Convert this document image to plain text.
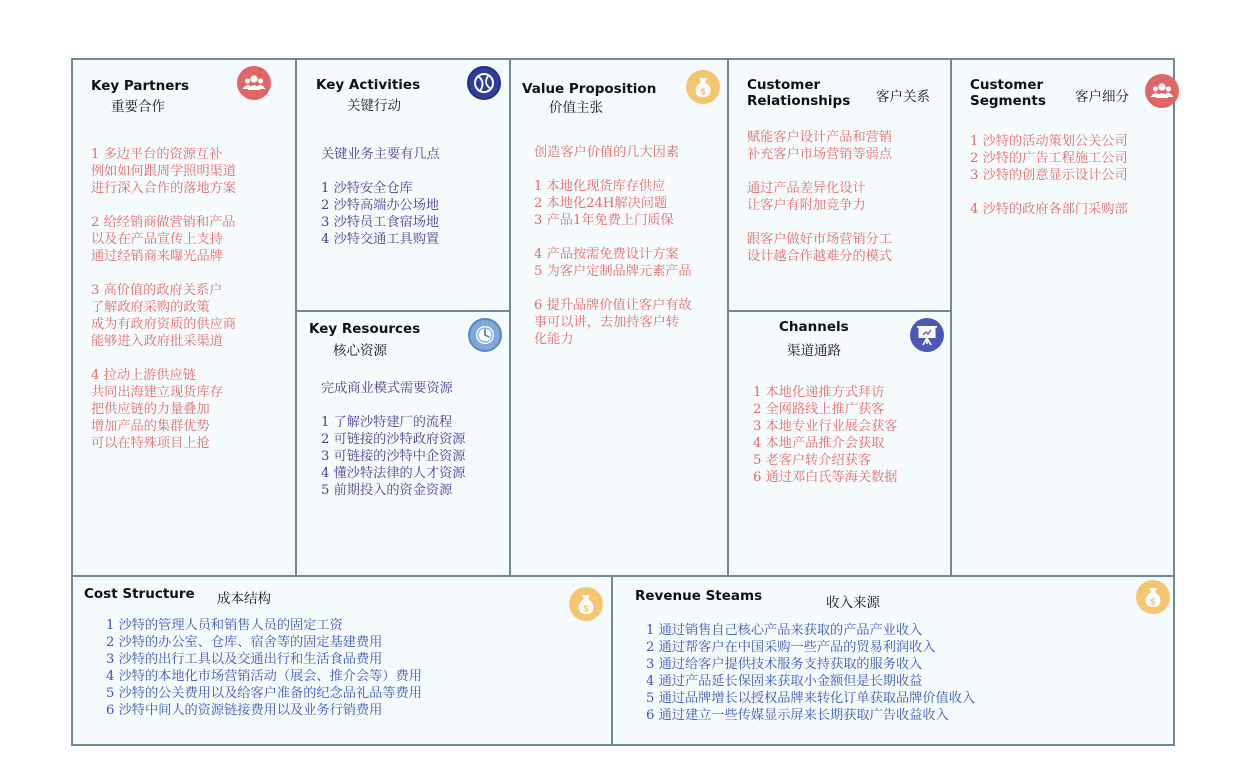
Key Partners
重要合作
1 多边平台的资源互补
例如如何跟周学照明渠道
进行深入合作的落地方案

2 给经销商做营销和产品
以及在产品宣传上支持
通过经销商来曝光品牌

3 高价值的政府关系户
了解政府采购的政策
成为有政府资质的供应商
能够进入政府批采渠道

4 拉动上游供应链
共同出海建立现货库存
把供应链的力量叠加
增加产品的集群优势
可以在特殊项目上抢
Key Activities
关键行动
关键业务主要有几点

1 沙特安全仓库
2 沙特高端办公场地
3 沙特员工食宿场地
4 沙特交通工具购置
Key Resources
核心资源
完成商业模式需要资源

1 了解沙特建厂的流程
2 可链接的沙特政府资源
3 可链接的沙特中企资源
4 懂沙特法律的人才资源
5 前期投入的资金资源
Value Proposition
价值主张
$
创造客户价值的几大因素

1 本地化现货库存供应
2 本地化24H解决问题
3 产品1年免费上门质保

4 产品按需免费设计方案
5 为客户定制品牌元素产品

6 提升品牌价值让客户有故
事可以讲，去加持客户转
化能力
Customer
Relationships 客户关系
赋能客户设计产品和营销
补充客户市场营销等弱点

通过产品差异化设计
让客户有附加竞争力

跟客户做好市场营销分工
设计越合作越难分的模式
Channels
渠道通路
1 本地化递推方式拜访
2 全网路线上推广获客
3 本地专业行业展会获客
4 本地产品推介会获取
5 老客户转介绍获客
6 通过邓白氏等海关数据
Customer
Segments 客户细分
1 沙特的活动策划公关公司
2 沙特的广告工程施工公司
3 沙特的创意显示设计公司

4 沙特的政府各部门采购部
Cost Structure 成本结构
$
1 沙特的管理人员和销售人员的固定工资
2 沙特的办公室、仓库、宿舍等的固定基建费用
3 沙特的出行工具以及交通出行和生活食品费用
4 沙特的本地化市场营销活动（展会、推介会等）费用
5 沙特的公关费用以及给客户准备的纪念品礼品等费用
6 沙特中间人的资源链接费用以及业务行销费用
Revenue Steams	收入来源	$
1 通过销售自己核心产品来获取的产品产业收入
2 通过帮客户在中国采购一些产品的贸易利润收入
3 通过给客户提供技术服务支持获取的服务收入
4 通过产品延长保固来获取小金额但是长期收益
5 通过品牌增长以授权品牌来转化订单获取品牌价值收入
6 通过建立一些传媒显示屏来长期获取广告收益收入
